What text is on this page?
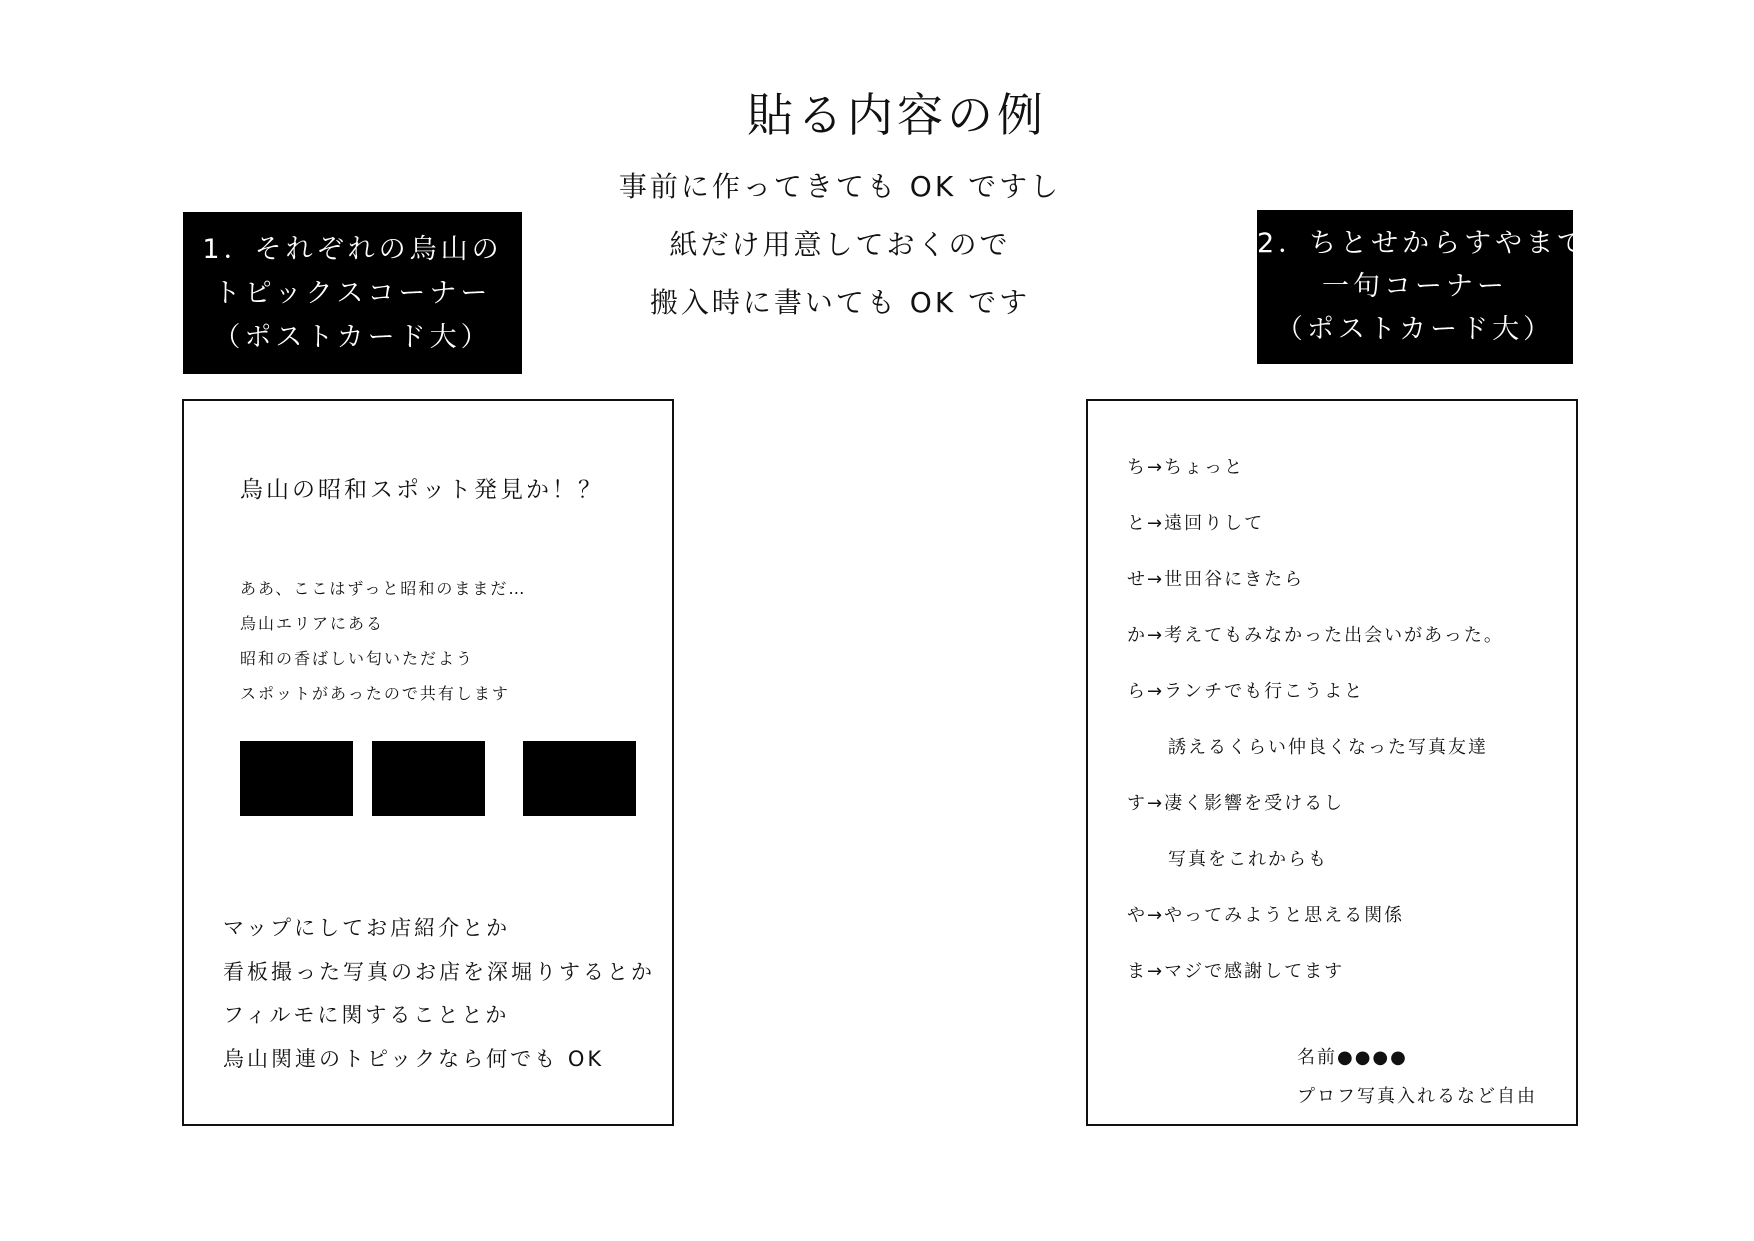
貼る内容の例
事前に作ってきても OK ですし
紙だけ用意しておくので
搬入時に書いても OK です
1．それぞれの烏山の
トピックスコーナー
（ポストカード大）
2．ちとせからすやまで
一句コーナー
（ポストカード大）
烏山の昭和スポット発見か！？
ああ、ここはずっと昭和のままだ…
烏山エリアにある
昭和の香ばしい匂いただよう
スポットがあったので共有します
マップにしてお店紹介とか
看板撮った写真のお店を深堀りするとか
フィルモに関することとか
烏山関連のトピックなら何でも OK
ち→ちょっと
と→遠回りして
せ→世田谷にきたら
か→考えてもみなかった出会いがあった。
ら→ランチでも行こうよと
誘えるくらい仲良くなった写真友達
す→凄く影響を受けるし
写真をこれからも
や→やってみようと思える関係
ま→マジで感謝してます
名前●●●●
プロフ写真入れるなど自由
